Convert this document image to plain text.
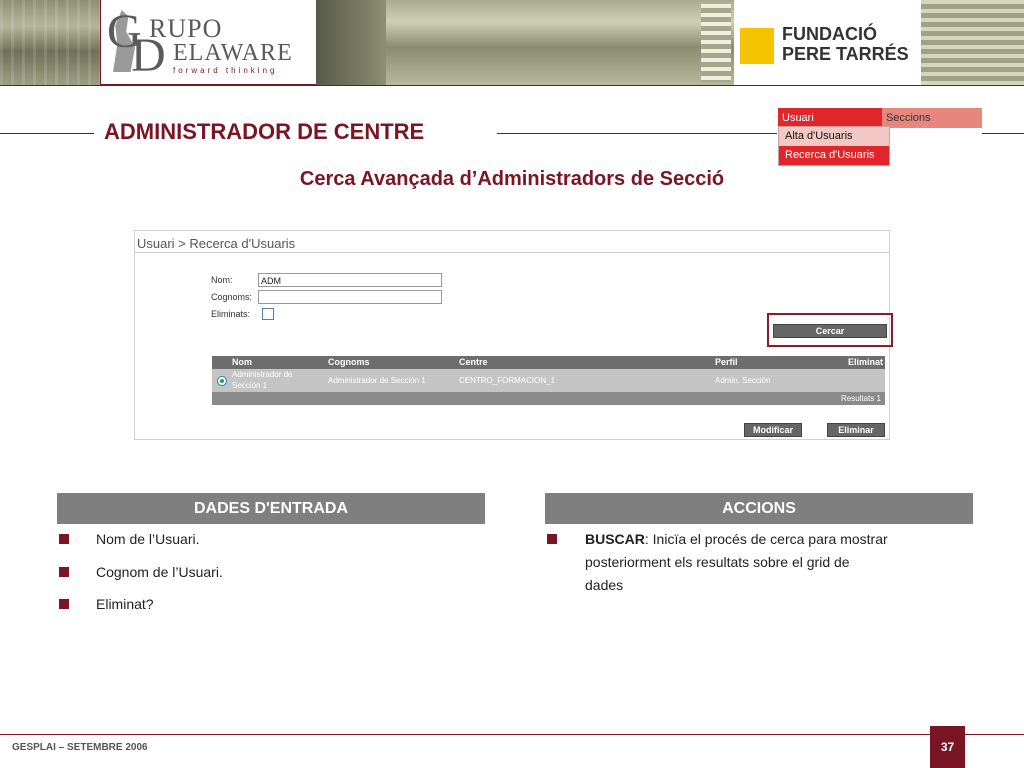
G RUPO
D ELAWARE
forward thinking
FUNDACIÓ
PERE TARRÉS
ADMINISTRADOR DE CENTRE
Usuari	Seccions
Alta d'Usuaris
Recerca d'Usuaris
Cerca Avançada d’Administradors de Secció
Usuari > Recerca d'Usuaris
Nom:	ADM
Cognoms:
Eliminats:
Cercar
Nom	Cognoms	Centre	Perfil	Eliminat
Administrador de
Sección 1
Administrador de Sección 1	CENTRO_FORMACION_1	Admin. Sección
Resultats 1
Modificar	Eliminar
DADES D'ENTRADA
Nom de l’Usuari.
Cognom de l’Usuari.
Eliminat?
ACCIONS
BUSCAR: Inicïa el procés de cerca para mostrar
posteriorment els resultats sobre el grid de
dades
GESPLAI – SETEMBRE 2006	37
